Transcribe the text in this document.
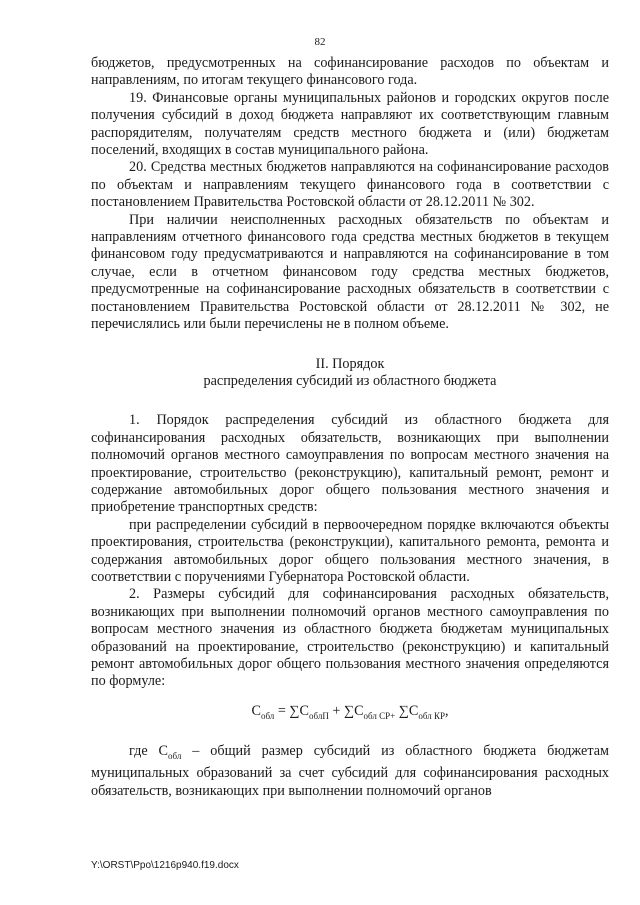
82

бюджетов, предусмотренных на софинансирование расходов по объектам и направлениям, по итогам текущего финансового года.

19. Финансовые органы муниципальных районов и городских округов после получения субсидий в доход бюджета направляют их соответствующим главным распорядителям, получателям средств местного бюджета и (или) бюджетам поселений, входящих в состав муниципального района.

20. Средства местных бюджетов направляются на софинансирование расходов по объектам и направлениям текущего финансового года в соответствии с постановлением Правительства Ростовской области от 28.12.2011 № 302.

При наличии неисполненных расходных обязательств по объектам и направлениям отчетного финансового года средства местных бюджетов в текущем финансовом году предусматриваются и направляются на софинансирование в том случае, если в отчетном финансовом году средства местных бюджетов, предусмотренные на софинансирование расходных обязательств в соответствии с постановлением Правительства Ростовской области от 28.12.2011 № 302, не перечислялись или были перечислены не в полном объеме.

II. Порядок

распределения субсидий из областного бюджета

1. Порядок распределения субсидий из областного бюджета для софинансирования расходных обязательств, возникающих при выполнении полномочий органов местного самоуправления по вопросам местного значения на проектирование, строительство (реконструкцию), капитальный ремонт, ремонт и содержание автомобильных дорог общего пользования местного значения и приобретение транспортных средств:

при распределении субсидий в первоочередном порядке включаются объекты проектирования, строительства (реконструкции), капитального ремонта, ремонта и содержания автомобильных дорог общего пользования местного значения, в соответствии с поручениями Губернатора Ростовской области.

2. Размеры субсидий для софинансирования расходных обязательств, возникающих при выполнении полномочий органов местного самоуправления по вопросам местного значения из областного бюджета бюджетам муниципальных образований на проектирование, строительство (реконструкцию) и капитальный ремонт автомобильных дорог общего пользования местного значения определяются по формуле:

$С_{обл} = \sum С_{облП} + \sum С_{обл СР+}$ $\sum С_{обл КР}$,

где $С_{обл}$ – общий размер субсидий из областного бюджета бюджетам муниципальных образований за счет субсидий для софинансирования расходных обязательств, возникающих при выполнении полномочий органов

Y:\ORST\Ppo\1216p940.f19.docx
